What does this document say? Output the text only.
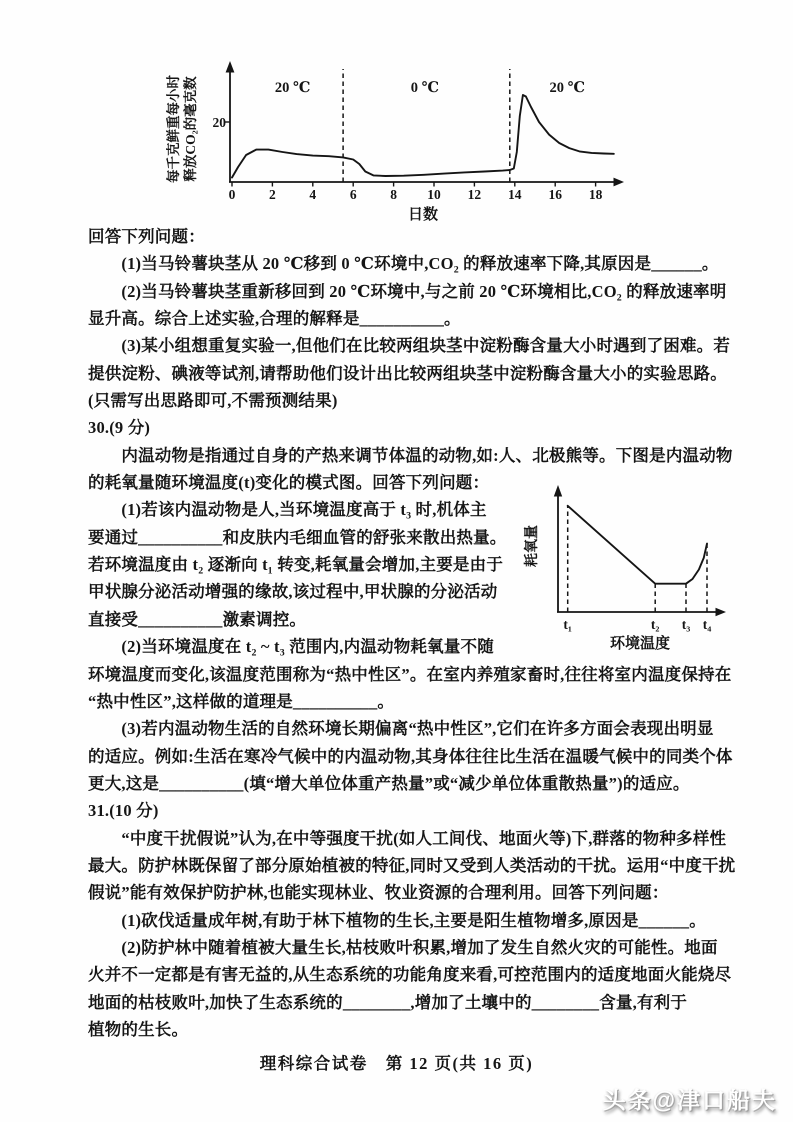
每千克鲜重每小时 释放CO₂的毫克数 20
0 2 4 6 8 10 12 14 16 18
日数
20 ℃	0 ℃	20 ℃
回答下列问题：
　　(1)当马铃薯块茎从 20 ℃移到 0 ℃环境中,CO₂ 的释放速率下降,其原因是______。
　　(2)当马铃薯块茎重新移回到 20 ℃环境中,与之前 20 ℃环境相比,CO₂ 的释放速率明
显升高。综合上述实验,合理的解释是__________。
　　(3)某小组想重复实验一,但他们在比较两组块茎中淀粉酶含量大小时遇到了困难。若
提供淀粉、碘液等试剂,请帮助他们设计出比较两组块茎中淀粉酶含量大小的实验思路。
(只需写出思路即可,不需预测结果)
30.(9 分)
　　内温动物是指通过自身的产热来调节体温的动物,如:人、北极熊等。下图是内温动物
的耗氧量随环境温度(t)变化的模式图。回答下列问题：
　　(1)若该内温动物是人,当环境温度高于 t₃ 时,机体主
要通过__________和皮肤内毛细血管的舒张来散出热量。
若环境温度由 t₂ 逐渐向 t₁ 转变,耗氧量会增加,主要是由于
甲状腺分泌活动增强的缘故,该过程中,甲状腺的分泌活动
直接受__________激素调控。
　　(2)当环境温度在 t₂ ~ t₃ 范围内,内温动物耗氧量不随
环境温度而变化,该温度范围称为“热中性区”。在室内养殖家畜时,往往将室内温度保持在
“热中性区”,这样做的道理是__________。
　　(3)若内温动物生活的自然环境长期偏离“热中性区”,它们在许多方面会表现出明显
的适应。例如:生活在寒冷气候中的内温动物,其身体往往比生活在温暖气候中的同类个体
更大,这是__________(填“增大单位体重产热量”或“减少单位体重散热量”)的适应。
31.(10 分)
　　“中度干扰假说”认为,在中等强度干扰(如人工间伐、地面火等)下,群落的物种多样性
最大。防护林既保留了部分原始植被的特征,同时又受到人类活动的干扰。运用“中度干扰
假说”能有效保护防护林,也能实现林业、牧业资源的合理利用。回答下列问题：
　　(1)砍伐适量成年树,有助于林下植物的生长,主要是阳生植物增多,原因是______。
　　(2)防护林中随着植被大量生长,枯枝败叶积累,增加了发生自然火灾的可能性。地面
火并不一定都是有害无益的,从生态系统的功能角度来看,可控范围内的适度地面火能烧尽
地面的枯枝败叶,加快了生态系统的________,增加了土壤中的________含量,有利于
植物的生长。
耗氧量
t₁	t₂ t₃ t₄
环境温度
理科综合试卷　第 12 页(共 16 页)
头条@津口船夫
